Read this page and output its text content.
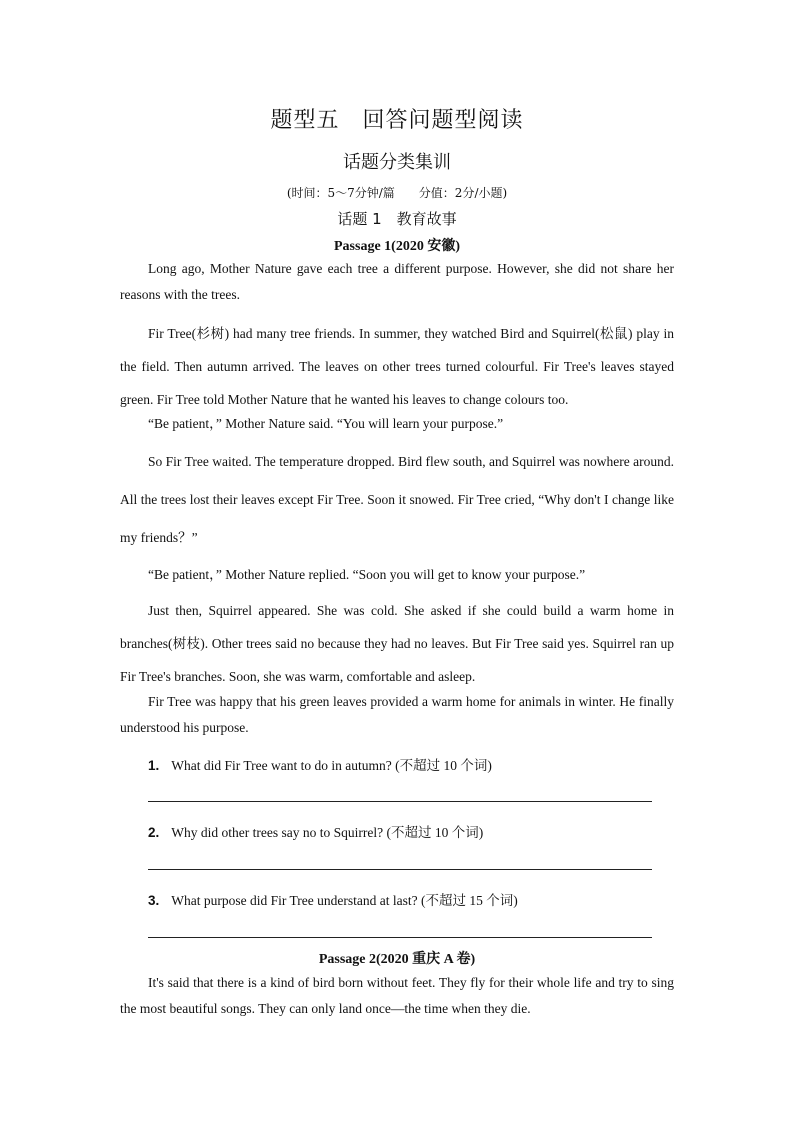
题型五　回答问题型阅读
话题分类集训
(时间：5～7分钟/篇　　分值：2分/小题)
话题 1　教育故事
Passage 1(2020 安徽)

Long ago, Mother Nature gave each tree a different purpose. However, she did not share her reasons with the trees.

Fir Tree(杉树) had many tree friends. In summer, they watched Bird and Squirrel(松鼠) play in the field. Then autumn arrived. The leaves on other trees turned colourful. Fir Tree's leaves stayed green. Fir Tree told Mother Nature that he wanted his leaves to change colours too.

“Be patient，” Mother Nature said. “You will learn your purpose.”

So Fir Tree waited. The temperature dropped. Bird flew south, and Squirrel was nowhere around. All the trees lost their leaves except Fir Tree. Soon it snowed. Fir Tree cried, “Why don't I change like my friends？”

“Be patient，” Mother Nature replied. “Soon you will get to know your purpose.”

Just then, Squirrel appeared. She was cold. She asked if she could build a warm home in branches(树枝). Other trees said no because they had no leaves. But Fir Tree said yes. Squirrel ran up Fir Tree's branches. Soon, she was warm, comfortable and asleep.

Fir Tree was happy that his green leaves provided a warm home for animals in winter. He finally understood his purpose.

1. What did Fir Tree want to do in autumn? (不超过 10 个词)
2. Why did other trees say no to Squirrel? (不超过 10 个词)
3. What purpose did Fir Tree understand at last? (不超过 15 个词)
Passage 2(2020 重庆 A 卷)

It's said that there is a kind of bird born without feet. They fly for their whole life and try to sing the most beautiful songs. They can only land once—the time when they die.
